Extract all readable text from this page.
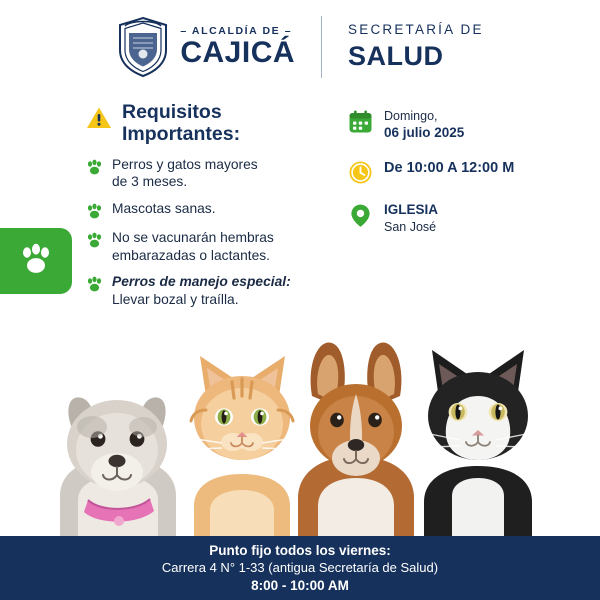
– ALCALDÍA DE –
CAJICÁ
SECRETARÍA DE
SALUD
Requisitos
Importantes:
Perros y gatos mayores
de 3 meses.
Mascotas sanas.
No se vacunarán hembras
embarazadas o lactantes.
Perros de manejo especial:
Llevar bozal y traílla.
Domingo,
06 julio 2025
De 10:00 A 12:00 M
IGLESIA
San José
Punto fijo todos los viernes:
Carrera 4 N° 1-33 (antigua Secretaría de Salud)
8:00 - 10:00 AM
